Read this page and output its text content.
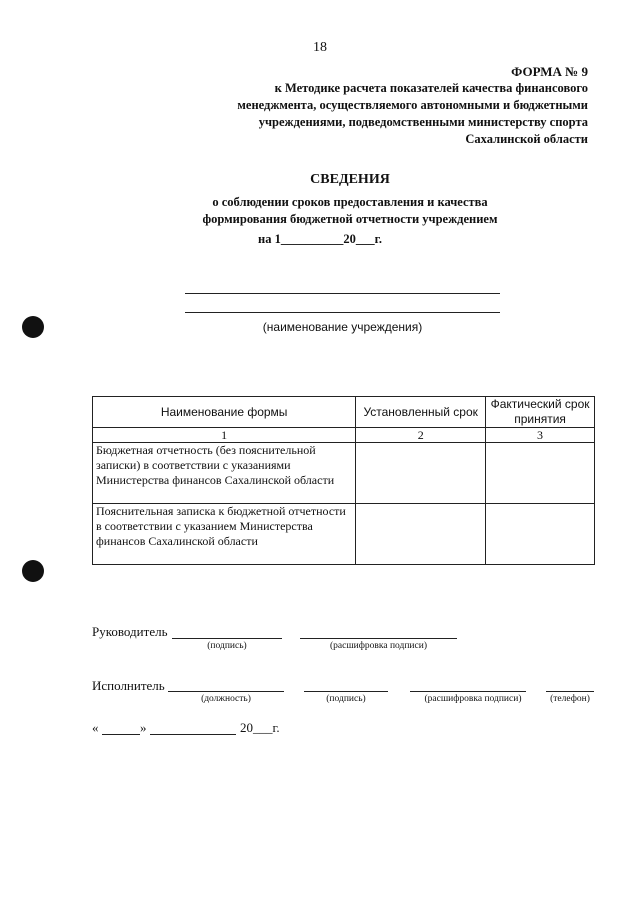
18
ФОРМА № 9
к Методике расчета показателей качества финансового
менеджмента, осуществляемого автономными и бюджетными
учреждениями, подведомственными министерству спорта
Сахалинской области
СВЕДЕНИЯ
о соблюдении сроков предоставления и качества
формирования бюджетной отчетности учреждением
на 1__________20___г.
(наименование учреждения)
Наименование формы	Установленный срок	Фактический срок принятия
1	2	3
Бюджетная отчетность (без пояснительной записки) в соответствии с указаниями Министерства финансов Сахалинской области		
Пояснительная записка к бюджетной отчетности в соответствии с указанием Министерства финансов Сахалинской области		
Руководитель
(подпись)	(расшифровка подписи)
Исполнитель
(должность)	(подпись)	(расшифровка подписи)	(телефон)
«	»	20___г.
